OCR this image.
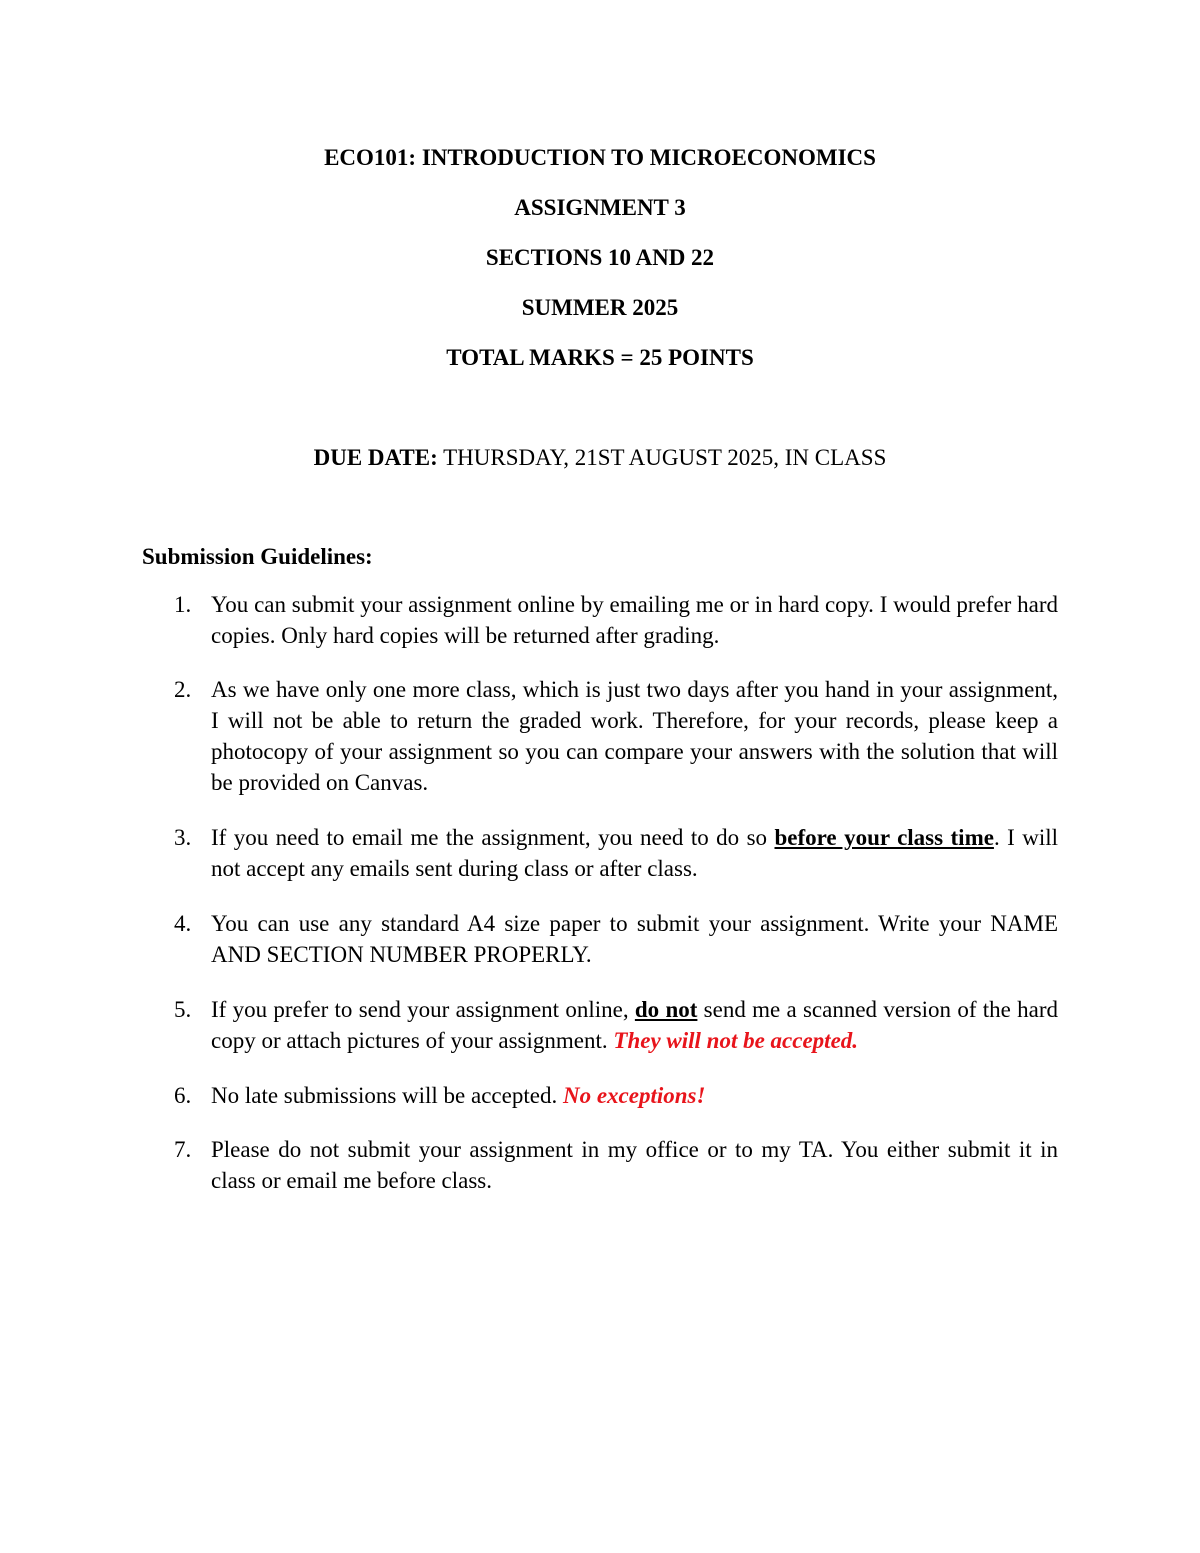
ECO101: INTRODUCTION TO MICROECONOMICS
ASSIGNMENT 3
SECTIONS 10 AND 22
SUMMER 2025
TOTAL MARKS = 25 POINTS
DUE DATE: THURSDAY, 21ST AUGUST 2025, IN CLASS
Submission Guidelines:
1. You can submit your assignment online by emailing me or in hard copy. I would prefer hard copies. Only hard copies will be returned after grading.
2. As we have only one more class, which is just two days after you hand in your assignment, I will not be able to return the graded work. Therefore, for your records, please keep a photocopy of your assignment so you can compare your answers with the solution that will be provided on Canvas.
3. If you need to email me the assignment, you need to do so before your class time. I will not accept any emails sent during class or after class.
4. You can use any standard A4 size paper to submit your assignment. Write your NAME AND SECTION NUMBER PROPERLY.
5. If you prefer to send your assignment online, do not send me a scanned version of the hard copy or attach pictures of your assignment. They will not be accepted.
6. No late submissions will be accepted. No exceptions!
7. Please do not submit your assignment in my office or to my TA. You either submit it in class or email me before class.
